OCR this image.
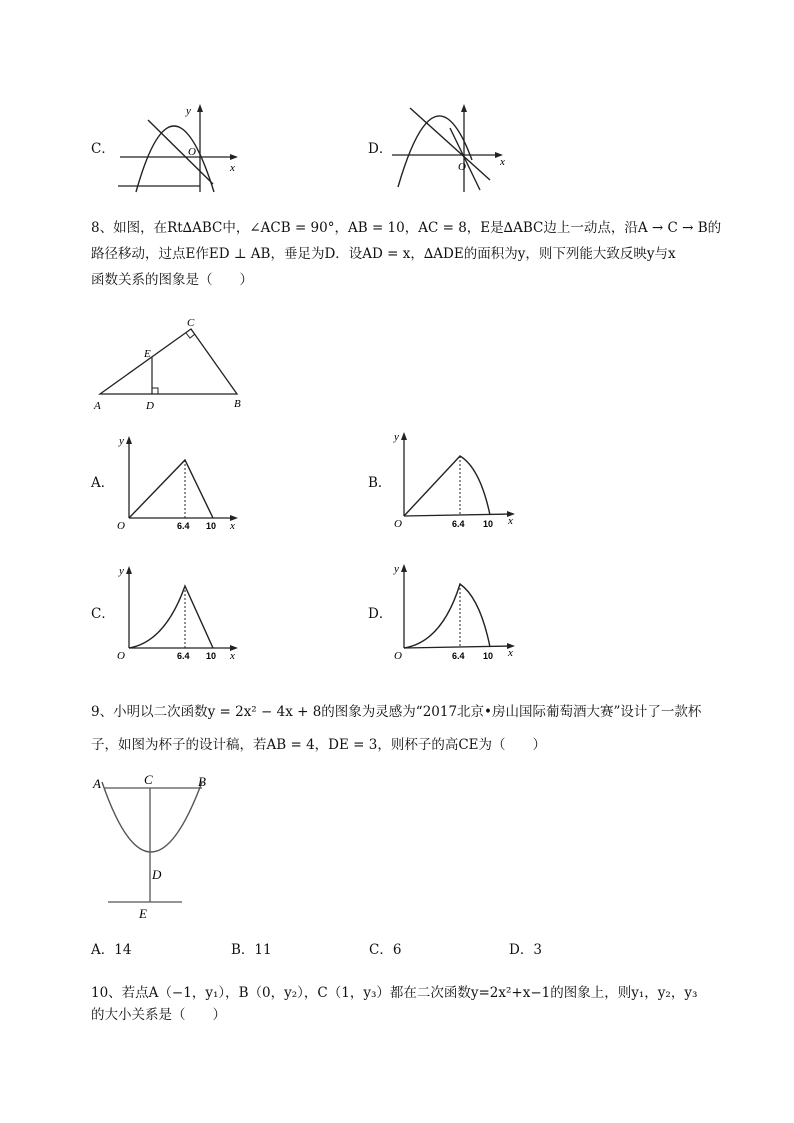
C．
y
x
O	D．
O	x
8、如图，在Rt∆ABC中，∠ACB = 90°，AB = 10，AC = 8，E是∆ABC边上一动点，沿A → C → B的
路径移动，过点E作ED ⊥ AB，垂足为D．设AD = x，∆ADE的面积为y，则下列能大致反映y与x
函数关系的图象是（　　）
A	D	B
C
E
A．
y
O	6.4 10 x
B．
y
O	6.4 10 x
C．
y
O	6.4 10 x
D．
y
O	6.4 10 x
9、小明以二次函数y = 2x² − 4x + 8的图象为灵感为“2017北京•房山国际葡萄酒大赛”设计了一款杯
子，如图为杯子的设计稿，若AB = 4，DE = 3，则杯子的高CE为（　　）
A	C	B
D
E
A．14	B．11	C．6	D．3
10、若点A（−1，y₁），B（0，y₂），C（1，y₃）都在二次函数y=2x²+x−1的图象上，则y₁，y₂，y₃
的大小关系是（　　）
